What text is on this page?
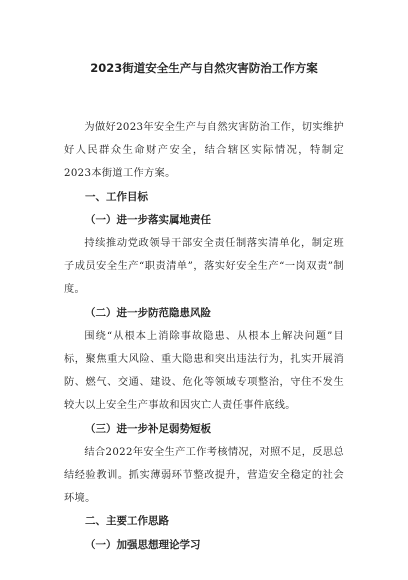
2023街道安全生产与自然灾害防治工作方案

为做好2023年安全生产与自然灾害防治工作，切实维护好人民群众生命财产安全，结合辖区实际情况，特制定2023本街道工作方案。

一、工作目标

（一）进一步落实属地责任

持续推动党政领导干部安全责任制落实清单化，制定班子成员安全生产“职责清单”，落实好安全生产“一岗双责”制度。

（二）进一步防范隐患风险

围绕“从根本上消除事故隐患、从根本上解决问题”目标，聚焦重大风险、重大隐患和突出违法行为，扎实开展消防、燃气、交通、建设、危化等领域专项整治，守住不发生较大以上安全生产事故和因灾亡人责任事件底线。

（三）进一步补足弱势短板

结合2022年安全生产工作考核情况，对照不足，反思总结经验教训。抓实薄弱环节整改提升，营造安全稳定的社会环境。

二、主要工作思路

（一）加强思想理论学习
